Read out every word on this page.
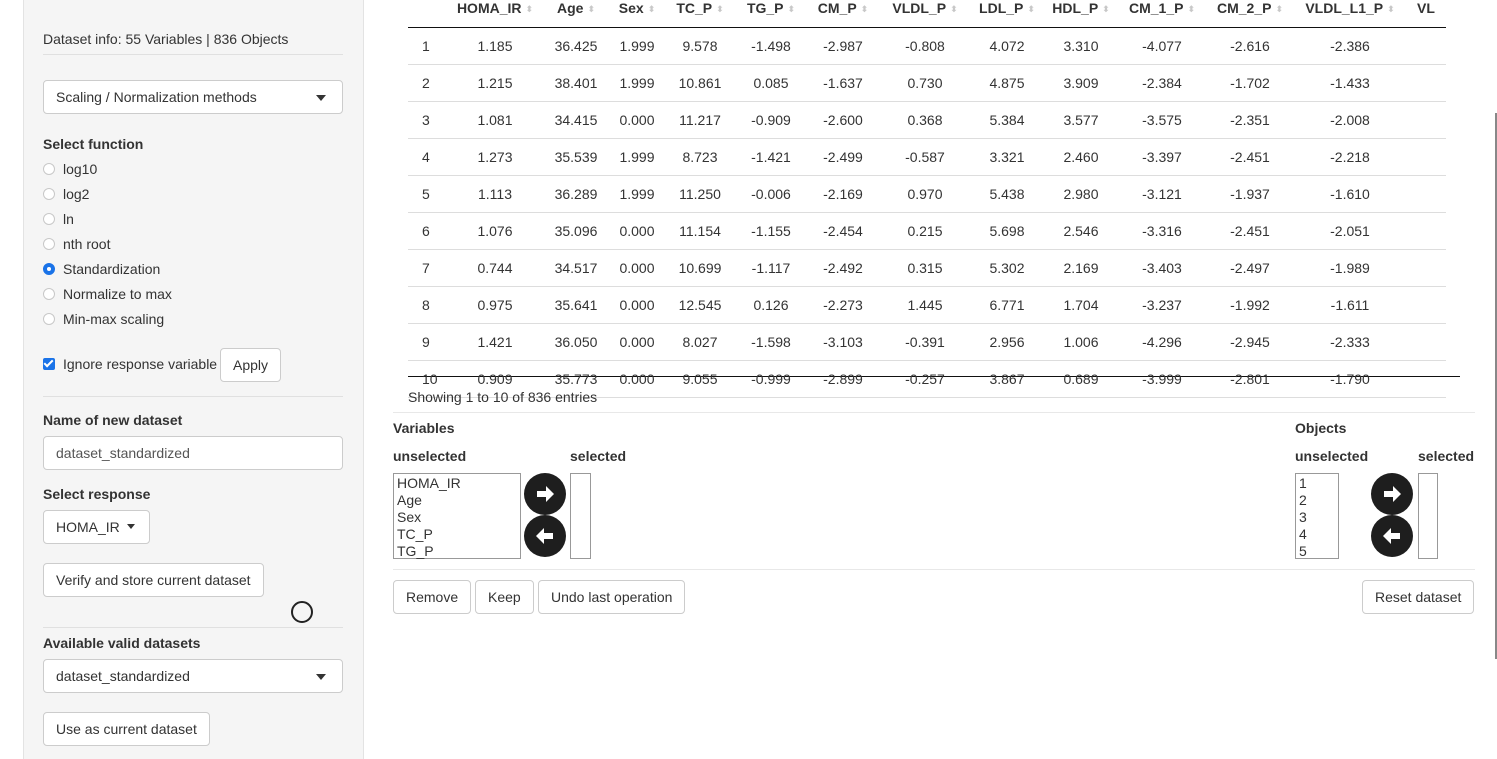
Dataset info: 55 Variables | 836 Objects
Scaling / Normalization methods
Select function
log10
log2
ln
nth root
Standardization
Normalize to max
Min-max scaling
Ignore response variable	Apply
Name of new dataset
dataset_standardized
Select response
HOMA_IR
Verify and store current dataset
Available valid datasets
dataset_standardized
Use as current dataset
	HOMA_IR ⬍	Age ⬍	Sex ⬍	TC_P ⬍	TG_P ⬍	CM_P ⬍	VLDL_P ⬍	LDL_P ⬍	HDL_P ⬍	CM_1_P ⬍	CM_2_P ⬍	VLDL_L1_P ⬍	VL
1	1.185	36.425	1.999	9.578	-1.498	-2.987	-0.808	4.072	3.310	-4.077	-2.616	-2.386	
2	1.215	38.401	1.999	10.861	0.085	-1.637	0.730	4.875	3.909	-2.384	-1.702	-1.433	
3	1.081	34.415	0.000	11.217	-0.909	-2.600	0.368	5.384	3.577	-3.575	-2.351	-2.008	
4	1.273	35.539	1.999	8.723	-1.421	-2.499	-0.587	3.321	2.460	-3.397	-2.451	-2.218	
5	1.113	36.289	1.999	11.250	-0.006	-2.169	0.970	5.438	2.980	-3.121	-1.937	-1.610	
6	1.076	35.096	0.000	11.154	-1.155	-2.454	0.215	5.698	2.546	-3.316	-2.451	-2.051	
7	0.744	34.517	0.000	10.699	-1.117	-2.492	0.315	5.302	2.169	-3.403	-2.497	-1.989	
8	0.975	35.641	0.000	12.545	0.126	-2.273	1.445	6.771	1.704	-3.237	-1.992	-1.611	
9	1.421	36.050	0.000	8.027	-1.598	-3.103	-0.391	2.956	1.006	-4.296	-2.945	-2.333	
10	0.909	35.773	0.000	9.055	-0.999	-2.899	-0.257	3.867	0.689	-3.999	-2.801	-1.790	
Showing 1 to 10 of 836 entries
Variables
unselected	selected
HOMA_IR
Age
Sex
TC_P
TG_P
Objects
unselected	selected
1
2
3
4
5
Remove	Keep	Undo last operation	Reset dataset
